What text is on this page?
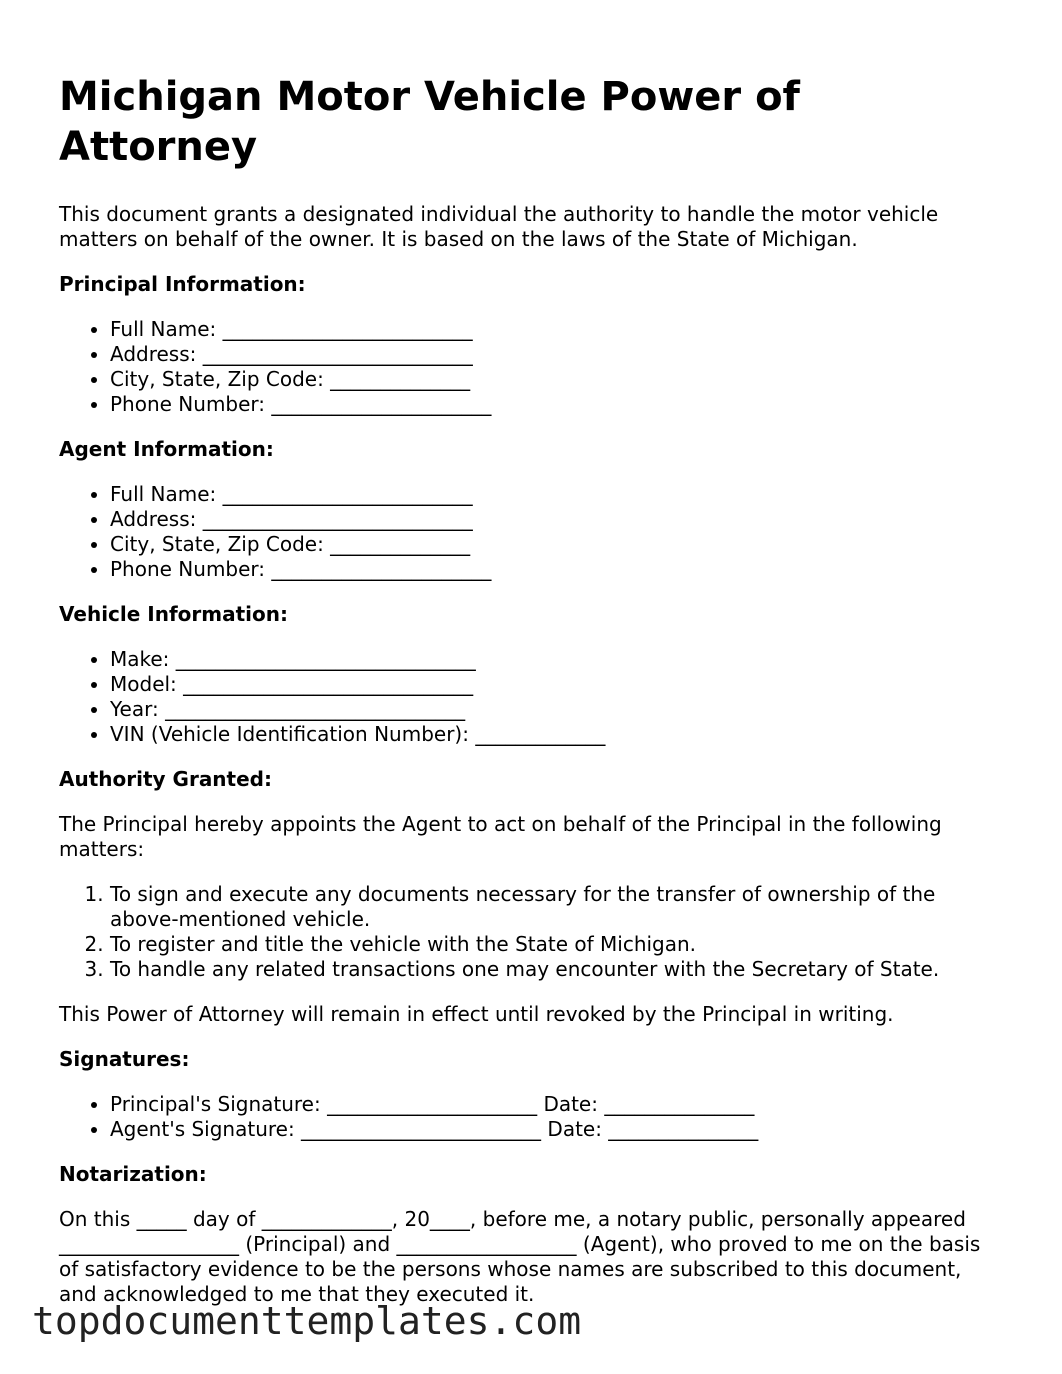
Michigan Motor Vehicle Power of Attorney

This document grants a designated individual the authority to handle the motor vehicle matters on behalf of the owner. It is based on the laws of the State of Michigan.

Principal Information:
• Full Name: _________________________
• Address: ___________________________
• City, State, Zip Code: ______________
• Phone Number: ______________________
Agent Information:
• Full Name: _________________________
• Address: ___________________________
• City, State, Zip Code: ______________
• Phone Number: ______________________
Vehicle Information:
• Make: ______________________________
• Model: _____________________________
• Year: ______________________________
• VIN (Vehicle Identification Number): _____________
Authority Granted:

The Principal hereby appoints the Agent to act on behalf of the Principal in the following matters:

1. To sign and execute any documents necessary for the transfer of ownership of the above-mentioned vehicle.
2. To register and title the vehicle with the State of Michigan.
3. To handle any related transactions one may encounter with the Secretary of State.

This Power of Attorney will remain in effect until revoked by the Principal in writing.

Signatures:
• Principal's Signature: _____________________ Date: _______________
• Agent's Signature: ________________________ Date: _______________
Notarization:

On this _____ day of _____________, 20____, before me, a notary public, personally appeared __________________ (Principal) and __________________ (Agent), who proved to me on the basis of satisfactory evidence to be the persons whose names are subscribed to this document, and acknowledged to me that they executed it.

topdocumenttemplates.com
